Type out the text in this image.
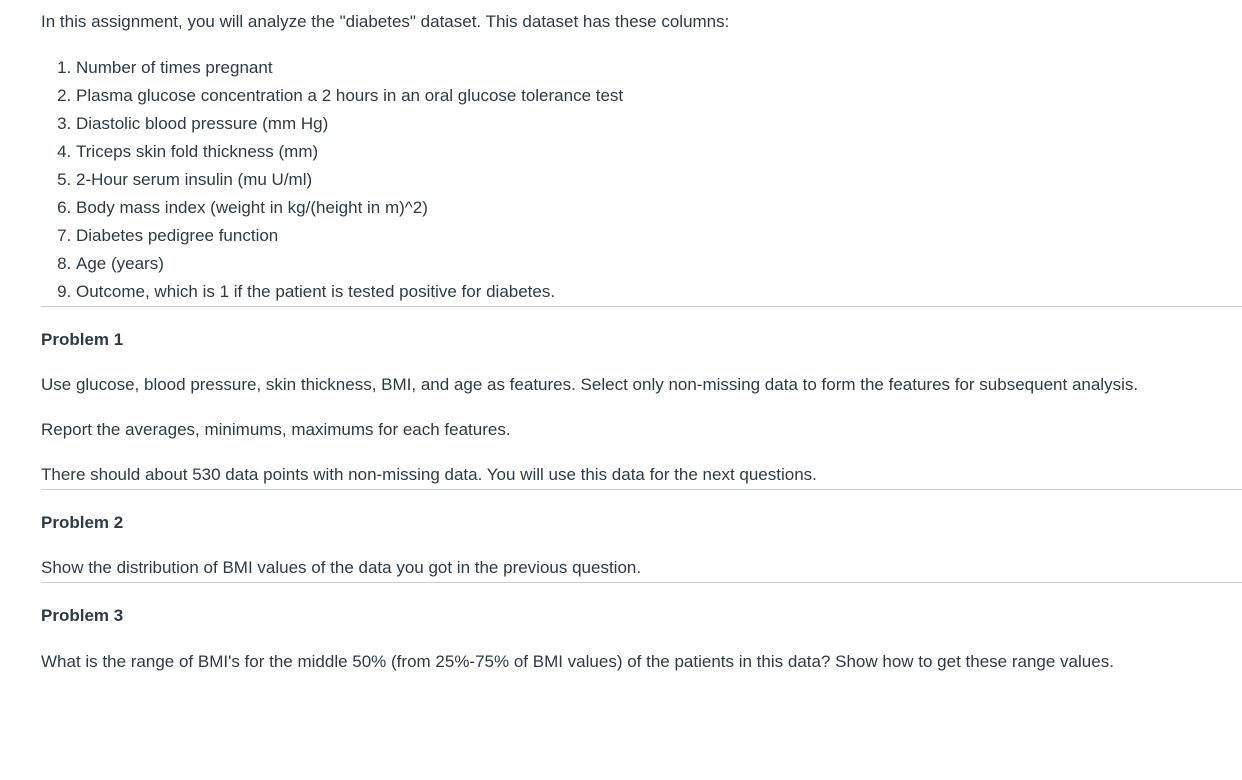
In this assignment, you will analyze the "diabetes" dataset. This dataset has these columns:

1. Number of times pregnant
2. Plasma glucose concentration a 2 hours in an oral glucose tolerance test
3. Diastolic blood pressure (mm Hg)
4. Triceps skin fold thickness (mm)
5. 2-Hour serum insulin (mu U/ml)
6. Body mass index (weight in kg/(height in m)^2)
7. Diabetes pedigree function
8. Age (years)
9. Outcome, which is 1 if the patient is tested positive for diabetes.

Problem 1

Use glucose, blood pressure, skin thickness, BMI, and age as features. Select only non-missing data to form the features for subsequent analysis.

Report the averages, minimums, maximums for each features.

There should about 530 data points with non-missing data. You will use this data for the next questions.

Problem 2

Show the distribution of BMI values of the data you got in the previous question.

Problem 3

What is the range of BMI's for the middle 50% (from 25%-75% of BMI values) of the patients in this data? Show how to get these range values.
